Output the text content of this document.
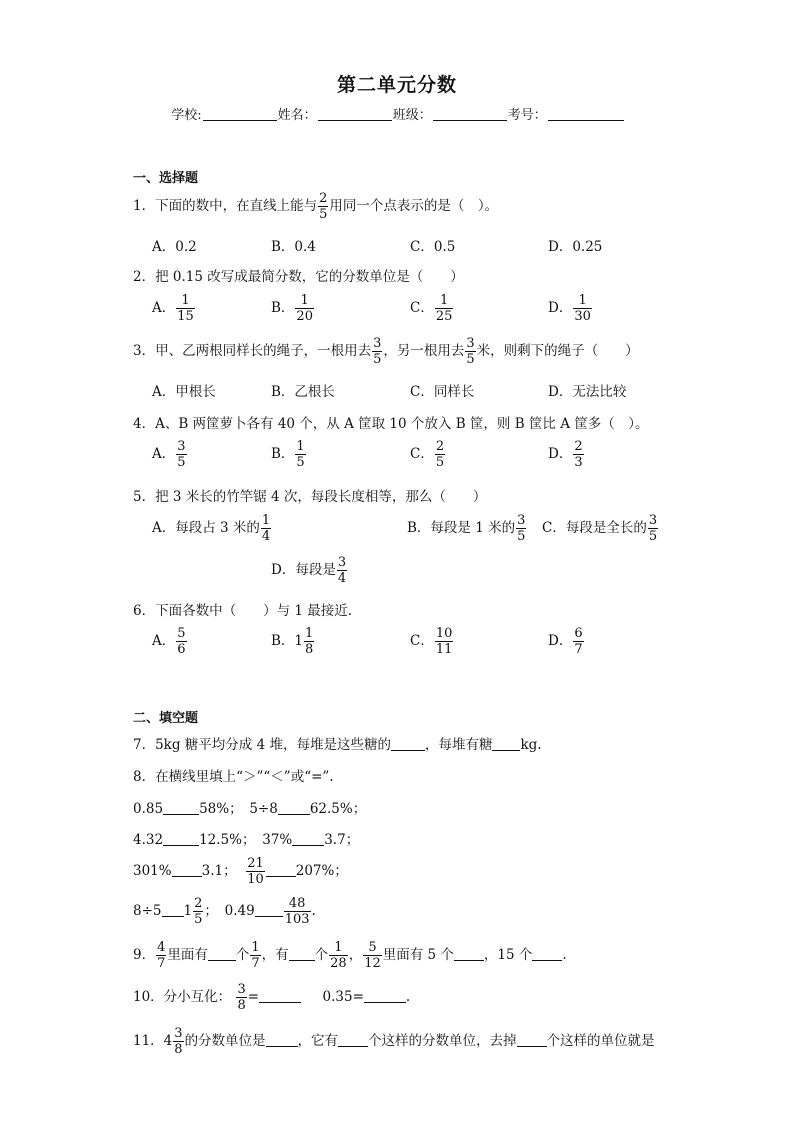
第二单元分数
学校:	姓名：	班级：	考号：
一、选择题
1．下面的数中，在直线上能与 $\frac{2}{5}$ 用同一个点表示的是（　）。
A．0.2	B．0.4	C．0.5	D．0.25
2．把 0.15 改写成最简分数，它的分数单位是（　　）
A． $\frac{1}{15}$	B． $\frac{1}{20}$	C． $\frac{1}{25}$	D． $\frac{1}{30}$
3．甲、乙两根同样长的绳子，一根用去 $\frac{3}{5}$ ，另一根用去 $\frac{3}{5}$ 米，则剩下的绳子（　　）
A．甲根长	B．乙根长	C．同样长	D．无法比较
4．A、B 两筐萝卜各有 40 个，从 A 筐取 10 个放入 B 筐，则 B 筐比 A 筐多（　）。
A． $\frac{3}{5}$	B． $\frac{1}{5}$	C． $\frac{2}{5}$	D． $\frac{2}{3}$
5．把 3 米长的竹竿锯 4 次，每段长度相等，那么（　　）
A．每段占 3 米的 $\frac{1}{4}$	B．每段是 1 米的 $\frac{3}{5}$ C．每段是全长的 $\frac{3}{5}$
D．每段是 $\frac{3}{4}$
6．下面各数中（　　）与 1 最接近.
A． $\frac{5}{6}$	B．$1 \frac{1}{8}$	C． $\frac{10}{11}$	D． $\frac{6}{7}$
二、填空题
7．5kg 糖平均分成 4 堆，每堆是这些糖的	，每堆有糖 kg.
8．在横线里填上“＞”“＜”或“=”.
0.85	58%；　5÷8 62.5%；
4.32	12.5%；　37% 3.7；
301% 3.1； $\frac{21}{10} 207\%$；
8÷5 $1 \frac{2}{5}$ ；　$0.49 \frac{48}{103}$ .
9． $\frac{4}{7}$ 里面有 个 $\frac{1}{7}$ ，有 个 $\frac{1}{28}$ ， $\frac{5}{12}$ 里面有 5 个 ，15 个 .
10．分小互化： $\frac{3}{8}$ =	0.35=	.
11．$4 \frac{3}{8}$ 的分数单位是 ，它有 个这样的分数单位，去掉 个这样的单位就是
